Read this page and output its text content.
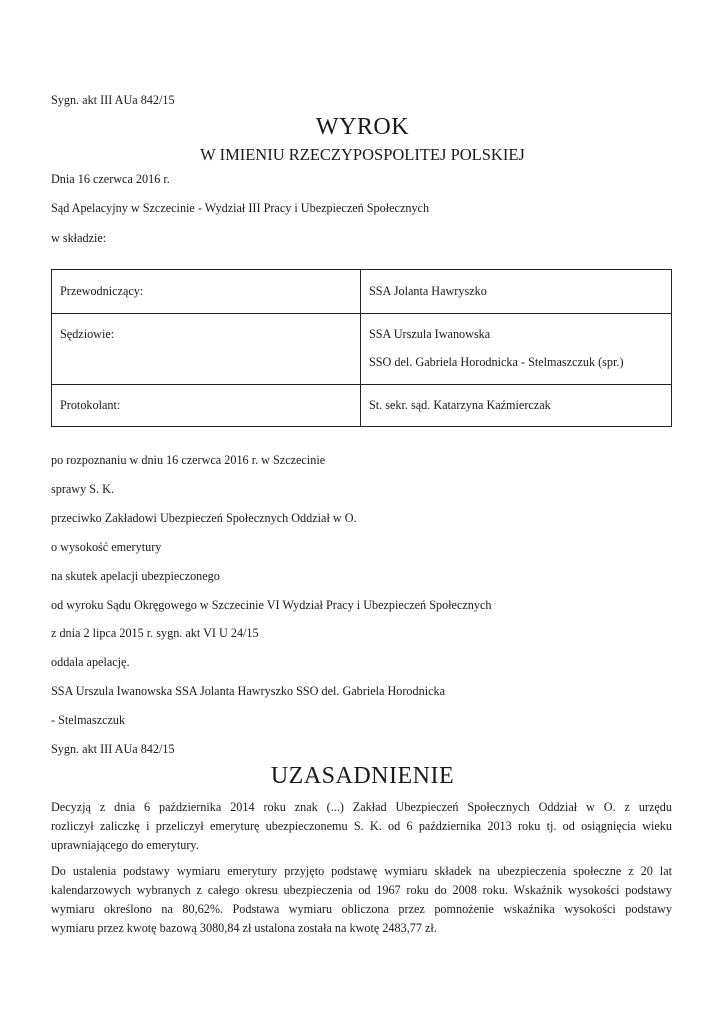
Sygn. akt III AUa 842/15
WYROK
W IMIENIU RZECZYPOSPOLITEJ POLSKIEJ
Dnia 16 czerwca 2016 r.
Sąd Apelacyjny w Szczecinie - Wydział III Pracy i Ubezpieczeń Społecznych
w składzie:
Przewodniczący:	SSA Jolanta Hawryszko

Sędziowie:	SSA Urszula Iwanowska
SSO del. Gabriela Horodnicka - Stelmaszczuk (spr.)

Protokolant:	St. sekr. sąd. Katarzyna Kaźmierczak
po rozpoznaniu w dniu 16 czerwca 2016 r. w Szczecinie
sprawy S. K.
przeciwko Zakładowi Ubezpieczeń Społecznych Oddział w O.
o wysokość emerytury
na skutek apelacji ubezpieczonego
od wyroku Sądu Okręgowego w Szczecinie VI Wydział Pracy i Ubezpieczeń Społecznych
z dnia 2 lipca 2015 r. sygn. akt VI U 24/15
oddala apelację.
SSA Urszula Iwanowska SSA Jolanta Hawryszko SSO del. Gabriela Horodnicka
- Stelmaszczuk
Sygn. akt III AUa 842/15
UZASADNIENIE
Decyzją z dnia 6 października 2014 roku znak (...) Zakład Ubezpieczeń Społecznych Oddział w O. z urzędu
rozliczył zaliczkę i przeliczył emeryturę ubezpieczonemu S. K. od 6 października 2013 roku tj. od osiągnięcia wieku
uprawniającego do emerytury.
Do ustalenia podstawy wymiaru emerytury przyjęto podstawę wymiaru składek na ubezpieczenia społeczne z 20 lat
kalendarzowych wybranych z całego okresu ubezpieczenia od 1967 roku do 2008 roku. Wskaźnik wysokości podstawy
wymiaru określono na 80,62%. Podstawa wymiaru obliczona przez pomnożenie wskaźnika wysokości podstawy
wymiaru przez kwotę bazową 3080,84 zł ustalona została na kwotę 2483,77 zł.
